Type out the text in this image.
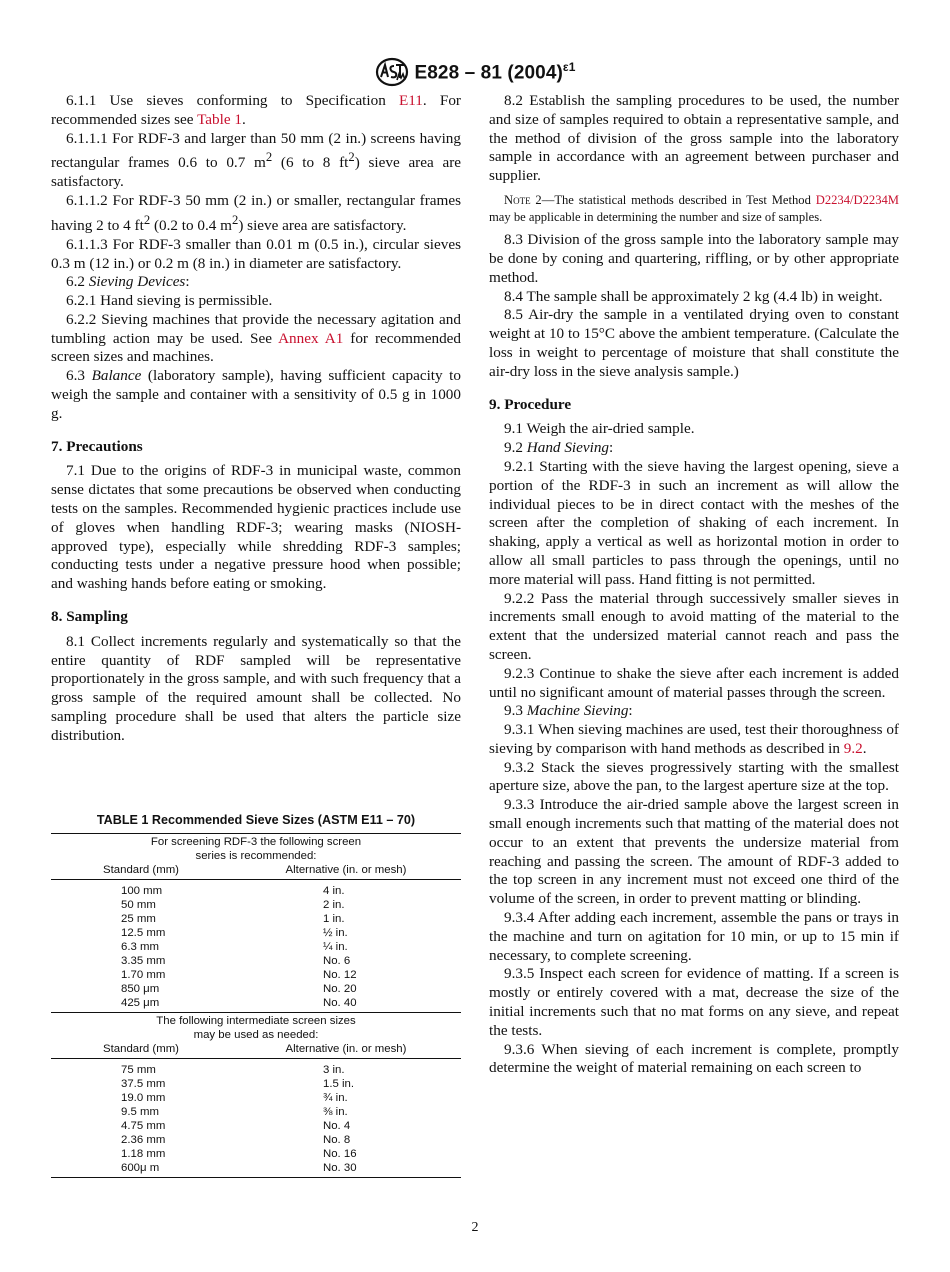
E828 – 81 $(2004)^{\varepsilon 1}$

6.1.1 Use sieves conforming to Specification E11. For recommended sizes see Table 1.

6.1.1.1 For RDF-3 and larger than 50 mm (2 in.) screens having rectangular frames 0.6 to 0.7 $m^2$ (6 to 8 $ft^2$) sieve area are satisfactory.

6.1.1.2 For RDF-3 50 mm (2 in.) or smaller, rectangular frames having 2 to 4 $ft^2$ (0.2 to 0.4 $m^2$) sieve area are satisfactory.

6.1.1.3 For RDF-3 smaller than 0.01 m (0.5 in.), circular sieves 0.3 m (12 in.) or 0.2 m (8 in.) in diameter are satisfactory.

6.2 Sieving Devices:

6.2.1 Hand sieving is permissible.

6.2.2 Sieving machines that provide the necessary agitation and tumbling action may be used. See Annex A1 for recommended screen sizes and machines.

6.3 Balance (laboratory sample), having sufficient capacity to weigh the sample and container with a sensitivity of 0.5 g in 1000 g.

7. Precautions

7.1 Due to the origins of RDF-3 in municipal waste, common sense dictates that some precautions be observed when conducting tests on the samples. Recommended hygienic practices include use of gloves when handling RDF-3; wearing masks (NIOSH-approved type), especially while shredding RDF-3 samples; conducting tests under a negative pressure hood when possible; and washing hands before eating or smoking.

8. Sampling

8.1 Collect increments regularly and systematically so that the entire quantity of RDF sampled will be representative proportionately in the gross sample, and with such frequency that a gross sample of the required amount shall be collected. No sampling procedure shall be used that alters the particle size distribution.

TABLE 1 Recommended Sieve Sizes (ASTM E11 – 70)
For screening RDF-3 the following screen
series is recommended:
Standard (mm)	Alternative (in. or mesh)
100 mm	4 in.
50 mm	2 in.
25 mm	1 in.
12.5 mm	½ in.
6.3 mm	¼ in.
3.35 mm	No. 6
1.70 mm	No. 12
850 μm	No. 20
425 μm	No. 40
The following intermediate screen sizes
may be used as needed:
Standard (mm)	Alternative (in. or mesh)
75 mm	3 in.
37.5 mm	1.5 in.
19.0 mm	¾ in.
9.5 mm	⅜ in.
4.75 mm	No. 4
2.36 mm	No. 8
1.18 mm	No. 16
600μ m	No. 30

8.2 Establish the sampling procedures to be used, the number and size of samples required to obtain a representative sample, and the method of division of the gross sample into the laboratory sample in accordance with an agreement between purchaser and supplier.

Note 2—The statistical methods described in Test Method D2234/D2234M may be applicable in determining the number and size of samples.

8.3 Division of the gross sample into the laboratory sample may be done by coning and quartering, riffling, or by other appropriate method.

8.4 The sample shall be approximately 2 kg (4.4 lb) in weight.

8.5 Air-dry the sample in a ventilated drying oven to constant weight at 10 to 15°C above the ambient temperature. (Calculate the loss in weight to percentage of moisture that shall constitute the air-dry loss in the sieve analysis sample.)

9. Procedure

9.1 Weigh the air-dried sample.

9.2 Hand Sieving:

9.2.1 Starting with the sieve having the largest opening, sieve a portion of the RDF-3 in such an increment as will allow the individual pieces to be in direct contact with the meshes of the screen after the completion of shaking of each increment. In shaking, apply a vertical as well as horizontal motion in order to allow all small particles to pass through the openings, until no more material will pass. Hand fitting is not permitted.

9.2.2 Pass the material through successively smaller sieves in increments small enough to avoid matting of the material to the extent that the undersized material cannot reach and pass the screen.

9.2.3 Continue to shake the sieve after each increment is added until no significant amount of material passes through the screen.

9.3 Machine Sieving:

9.3.1 When sieving machines are used, test their thoroughness of sieving by comparison with hand methods as described in 9.2.

9.3.2 Stack the sieves progressively starting with the smallest aperture size, above the pan, to the largest aperture size at the top.

9.3.3 Introduce the air-dried sample above the largest screen in small enough increments such that matting of the material does not occur to an extent that prevents the undersize material from reaching and passing the screen. The amount of RDF-3 added to the top screen in any increment must not exceed one third of the volume of the screen, in order to prevent matting or blinding.

9.3.4 After adding each increment, assemble the pans or trays in the machine and turn on agitation for 10 min, or up to 15 min if necessary, to complete screening.

9.3.5 Inspect each screen for evidence of matting. If a screen is mostly or entirely covered with a mat, decrease the size of the initial increments such that no mat forms on any sieve, and repeat the tests.

9.3.6 When sieving of each increment is complete, promptly determine the weight of material remaining on each screen to

2
